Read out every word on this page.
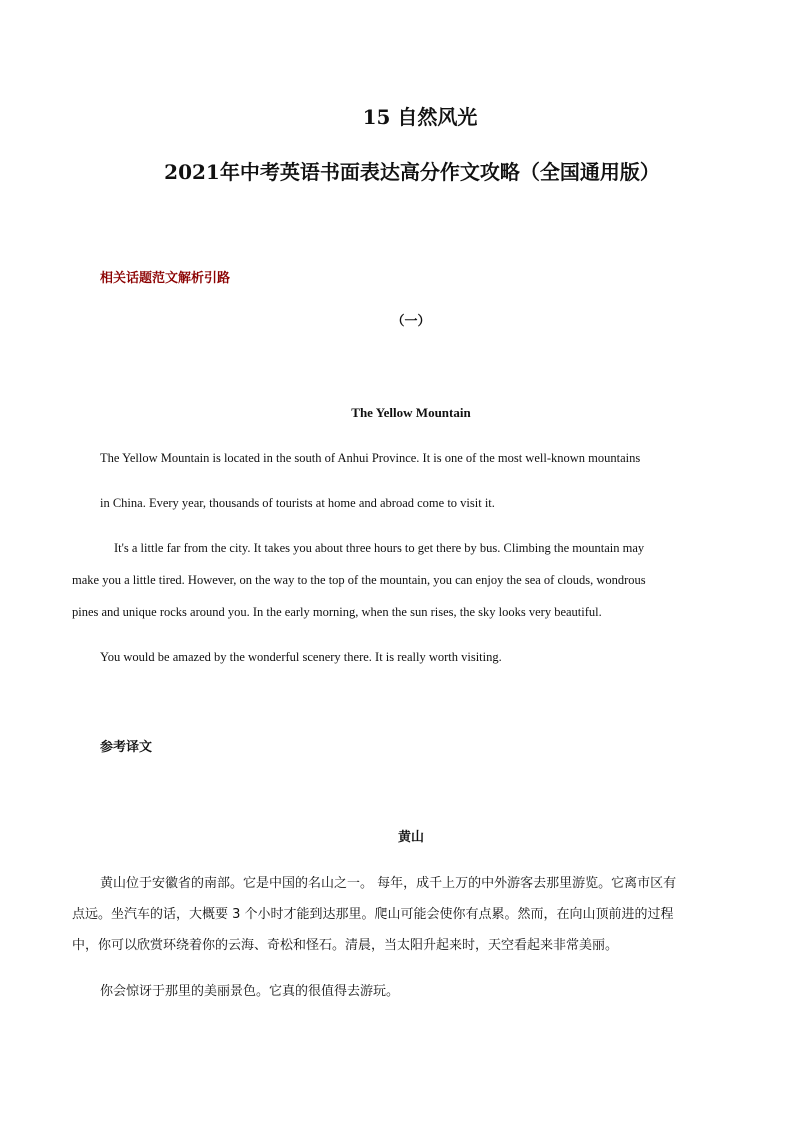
15 自然风光
2021年中考英语书面表达高分作文攻略（全国通用版）
相关话题范文解析引路
（一）
The Yellow Mountain
The Yellow Mountain is located in the south of Anhui Province. It is one of the most well-known mountains
in China. Every year, thousands of tourists at home and abroad come to visit it.
It's a little far from the city. It takes you about three hours to get there by bus. Climbing the mountain may
make you a little tired. However, on the way to the top of the mountain, you can enjoy the sea of clouds, wondrous
pines and unique rocks around you. In the early morning, when the sun rises, the sky looks very beautiful.
You would be amazed by the wonderful scenery there. It is really worth visiting.
参考译文
黄山
黄山位于安徽省的南部。它是中国的名山之一。 每年，成千上万的中外游客去那里游览。它离市区有
点远。坐汽车的话，大概要 3 个小时才能到达那里。爬山可能会使你有点累。然而，在向山顶前进的过程
中，你可以欣赏环绕着你的云海、奇松和怪石。清晨，当太阳升起来时，天空看起来非常美丽。
你会惊讶于那里的美丽景色。它真的很值得去游玩。
